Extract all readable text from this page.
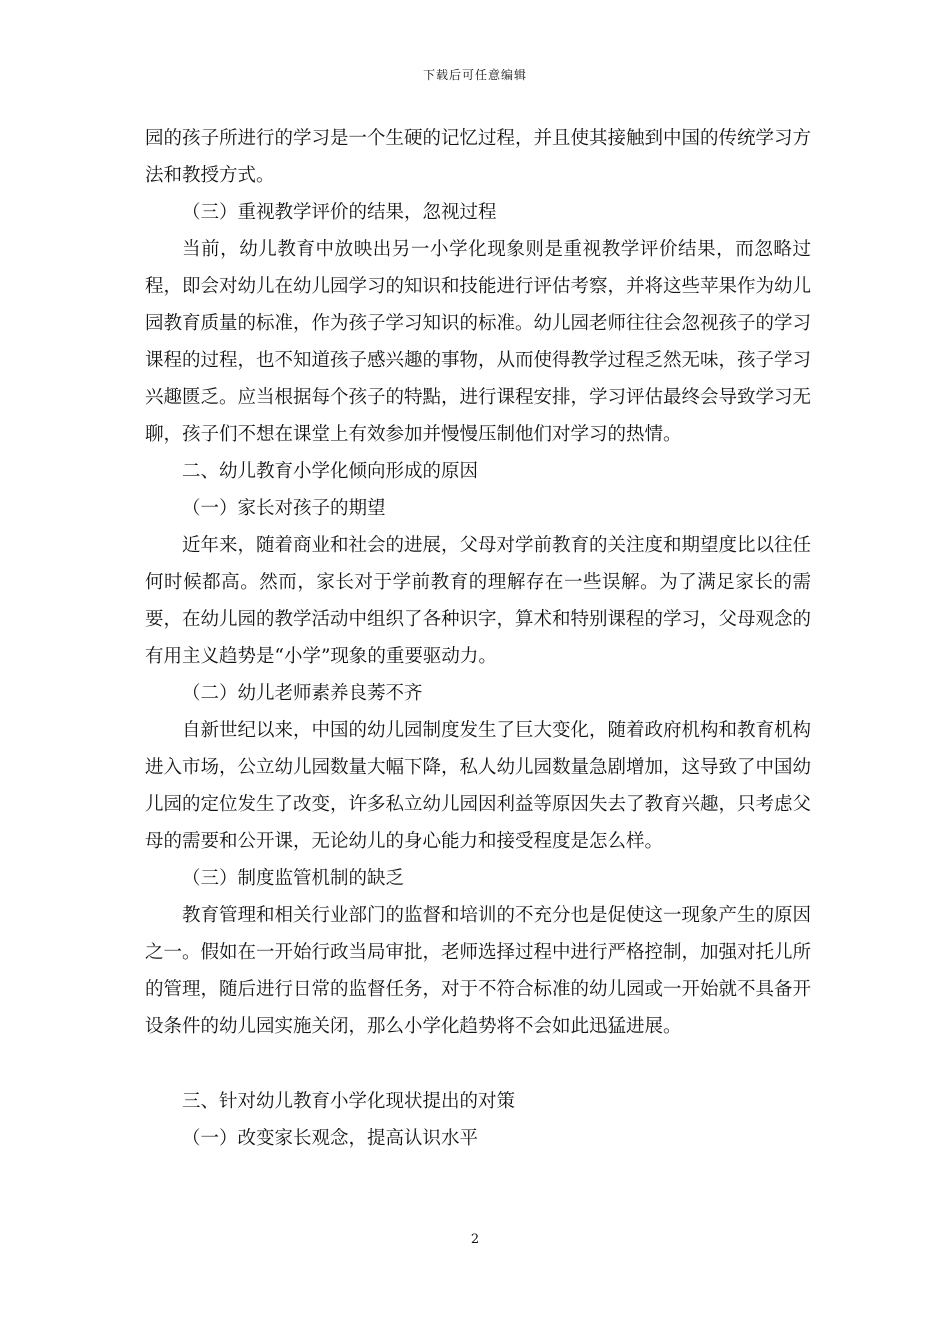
下载后可任意编辑

园的孩子所进行的学习是一个生硬的记忆过程，并且使其接触到中国的传统学习方法和教授方式。

（三）重视教学评价的结果，忽视过程

当前，幼儿教育中放映出另一小学化现象则是重视教学评价结果，而忽略过程，即会对幼儿在幼儿园学习的知识和技能进行评估考察，并将这些苹果作为幼儿园教育质量的标准，作为孩子学习知识的标准。幼儿园老师往往会忽视孩子的学习课程的过程，也不知道孩子感兴趣的事物，从而使得教学过程乏然无味，孩子学习兴趣匮乏。应当根据每个孩子的特點，进行课程安排，学习评估最终会导致学习无聊，孩子们不想在课堂上有效参加并慢慢压制他们对学习的热情。

二、幼儿教育小学化倾向形成的原因

（一）家长对孩子的期望

近年来，随着商业和社会的进展，父母对学前教育的关注度和期望度比以往任何时候都高。然而，家长对于学前教育的理解存在一些误解。为了满足家长的需要，在幼儿园的教学活动中组织了各种识字，算术和特别课程的学习，父母观念的有用主义趋势是“小学”现象的重要驱动力。

（二）幼儿老师素养良莠不齐

自新世纪以来，中国的幼儿园制度发生了巨大变化，随着政府机构和教育机构进入市场，公立幼儿园数量大幅下降，私人幼儿园数量急剧增加，这导致了中国幼儿园的定位发生了改变，许多私立幼儿园因利益等原因失去了教育兴趣，只考虑父母的需要和公开课，无论幼儿的身心能力和接受程度是怎么样。

（三）制度监管机制的缺乏

教育管理和相关行业部门的监督和培训的不充分也是促使这一现象产生的原因之一。假如在一开始行政当局审批，老师选择过程中进行严格控制，加强对托儿所的管理，随后进行日常的监督任务，对于不符合标准的幼儿园或一开始就不具备开设条件的幼儿园实施关闭，那么小学化趋势将不会如此迅猛进展。

三、针对幼儿教育小学化现状提出的对策

（一）改变家长观念，提高认识水平

2
